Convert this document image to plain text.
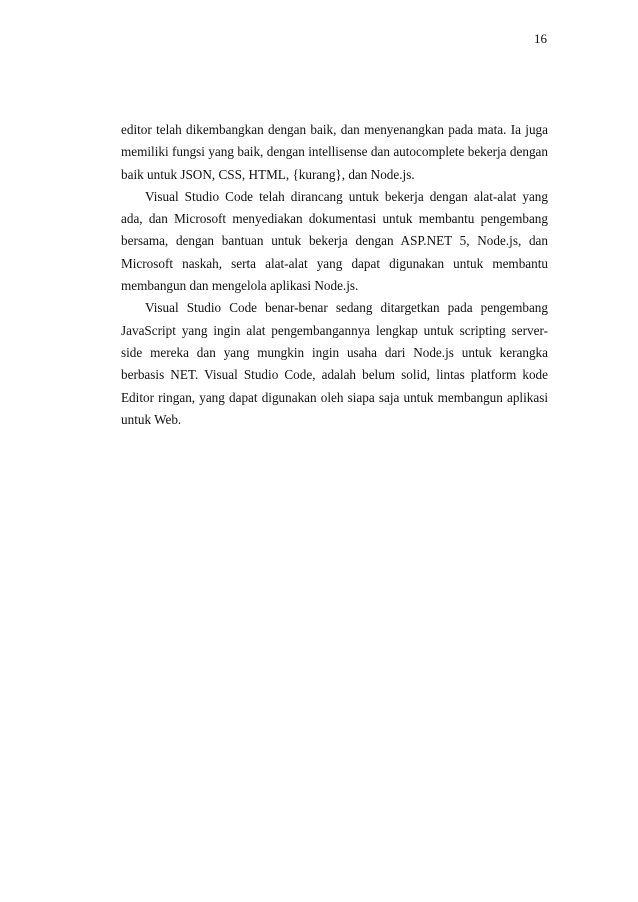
16

editor telah dikembangkan dengan baik, dan menyenangkan pada mata. Ia juga memiliki fungsi yang baik, dengan intellisense dan autocomplete bekerja dengan baik untuk JSON, CSS, HTML, {kurang}, dan Node.js.

Visual Studio Code telah dirancang untuk bekerja dengan alat-alat yang ada, dan Microsoft menyediakan dokumentasi untuk membantu pengembang bersama, dengan bantuan untuk bekerja dengan ASP.NET 5, Node.js, dan Microsoft naskah, serta alat-alat yang dapat digunakan untuk membantu membangun dan mengelola aplikasi Node.js.

Visual Studio Code benar-benar sedang ditargetkan pada pengembang JavaScript yang ingin alat pengembangannya lengkap untuk scripting server-side mereka dan yang mungkin ingin usaha dari Node.js untuk kerangka berbasis NET. Visual Studio Code, adalah belum solid, lintas platform kode Editor ringan, yang dapat digunakan oleh siapa saja untuk membangun aplikasi untuk Web.
